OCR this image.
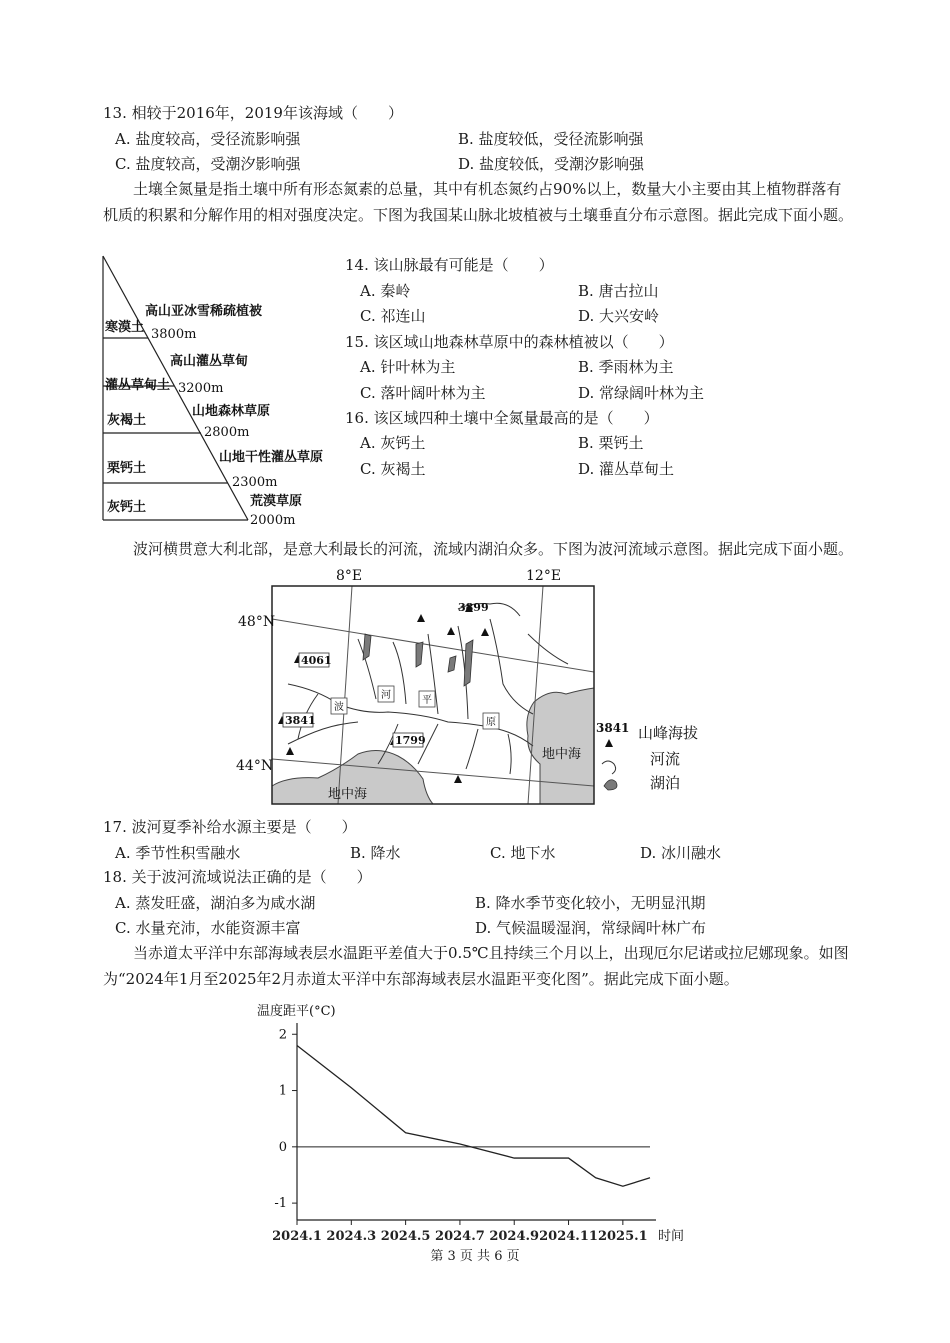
13. 相较于2016年，2019年该海域（　　）
A. 盐度较高，受径流影响强	B. 盐度较低，受径流影响强
C. 盐度较高，受潮汐影响强	D. 盐度较低，受潮汐影响强
土壤全氮量是指土壤中所有形态氮素的总量，其中有机态氮约占90%以上，数量大小主要由其上植物群落有机质的积累和分解作用的相对强度决定。下图为我国某山脉北坡植被与土壤垂直分布示意图。据此完成下面小题。
高山亚冰雪稀疏植被
高山灌丛草甸
山地森林草原
山地干性灌丛草原
荒漠草原
寒漠土
灌丛草甸土
灰褐土
栗钙土
灰钙土
3800m
3200m
2800m
2300m
2000m
14. 该山脉最有可能是（　　）
A. 秦岭	B. 唐古拉山
C. 祁连山	D. 大兴安岭
15. 该区域山地森林草原中的森林植被以（　　）
A. 针叶林为主	B. 季雨林为主
C. 落叶阔叶林为主	D. 常绿阔叶林为主
16. 该区域四种土壤中全氮量最高的是（　　）
A. 灰钙土	B. 栗钙土
C. 灰褐土	D. 灌丛草甸土
波河横贯意大利北部，是意大利最长的河流，流域内湖泊众多。下图为波河流域示意图。据此完成下面小题。
3899
4061
3841
1799
波
河	平
原
地中海
地中海
8°E	12°E
48°N
44°N
3841 山峰海拔
河流
湖泊
17. 波河夏季补给水源主要是（　　）
A. 季节性积雪融水	B. 降水	C. 地下水	D. 冰川融水
18. 关于波河流域说法正确的是（　　）
A. 蒸发旺盛，湖泊多为咸水湖	B. 降水季节变化较小，无明显汛期
C. 水量充沛，水能资源丰富	D. 气候温暖湿润，常绿阔叶林广布
当赤道太平洋中东部海域表层水温距平差值大于0.5℃且持续三个月以上，出现厄尔尼诺或拉尼娜现象。如图为“2024年1月至2025年2月赤道太平洋中东部海域表层水温距平变化图”。据此完成下面小题。
温度距平(°C)
时间
2
1
0
-1
2024.1 2024.3 2024.5 2024.7 2024.9 2024.11 2025.1
第 3 页 共 6 页
